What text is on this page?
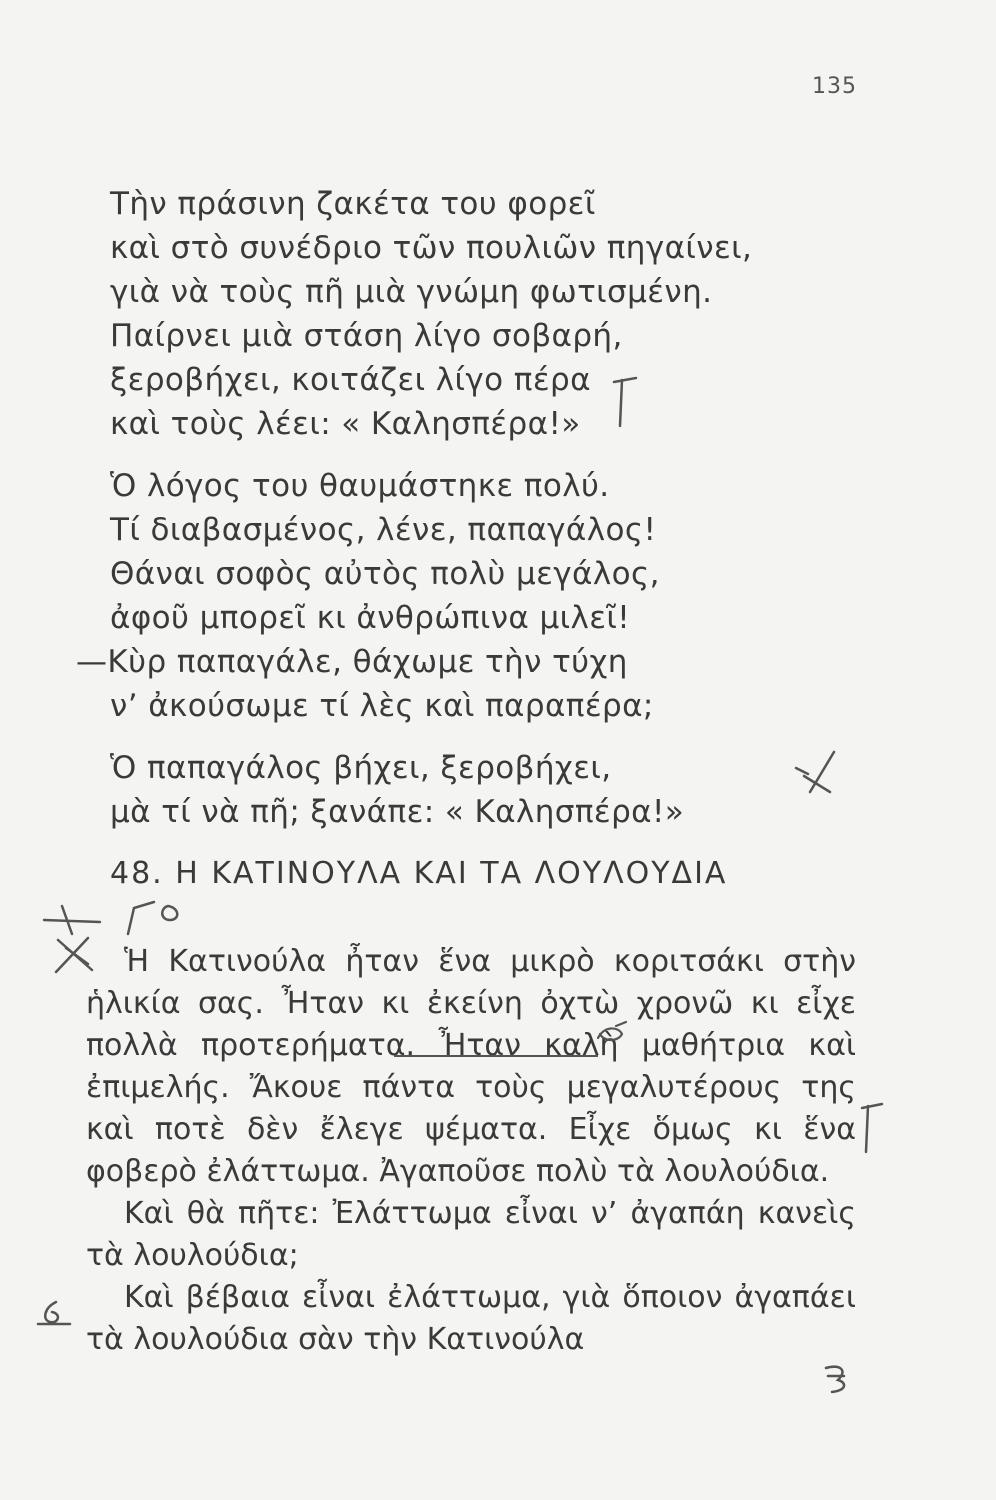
135
Τὴν πράσινη ζακέτα του φορεῖ
καὶ στὸ συνέδριο τῶν πουλιῶν πηγαίνει,
γιὰ νὰ τοὺς πῆ μιὰ γνώμη φωτισμένη.
Παίρνει μιὰ στάση λίγο σοβαρή,
ξεροβήχει, κοιτάζει λίγο πέρα
καὶ τοὺς λέει: « Καλησπέρα!»
Ὁ λόγος του θαυμάστηκε πολύ.
Τί διαβασμένος, λένε, παπαγάλος!
Θάναι σοφὸς αὐτὸς πολὺ μεγάλος,
ἀφοῦ μπορεῖ κι ἀνθρώπινα μιλεῖ!
—Κὺρ παπαγάλε, θάχωμε τὴν τύχη
ν’ ἀκούσωμε τί λὲς καὶ παραπέρα;
Ὁ παπαγάλος βήχει, ξεροβήχει,
μὰ τί νὰ πῆ; ξανάπε: « Καλησπέρα!»
48. Η ΚΑΤΙΝΟΥΛΑ ΚΑΙ ΤΑ ΛΟΥΛΟΥΔΙΑ

Ἡ Κατινούλα ἦταν ἕνα μικρὸ κοριτσάκι στὴν ἡλικία σας. Ἦταν κι ἐκείνη ὀχτὼ χρονῶ κι εἶχε πολλὰ προτερήματα. Ἦταν καλὴ μαθήτρια καὶ ἐπιμελής. Ἄκουε πάντα τοὺς μεγαλυτέρους της καὶ ποτὲ δὲν ἔλεγε ψέματα. Εἶχε ὅμως κι ἕνα φοβερὸ ἐλάττωμα. Ἀγαποῦσε πολὺ τὰ λουλούδια.

Καὶ θὰ πῆτε: Ἐλάττωμα εἶναι ν’ ἀγαπάη κανεὶς τὰ λουλούδια;

Καὶ βέβαια εἶναι ἐλάττωμα, γιὰ ὅποιον ἀγαπάει τὰ λουλούδια σὰν τὴν Κατινούλα
